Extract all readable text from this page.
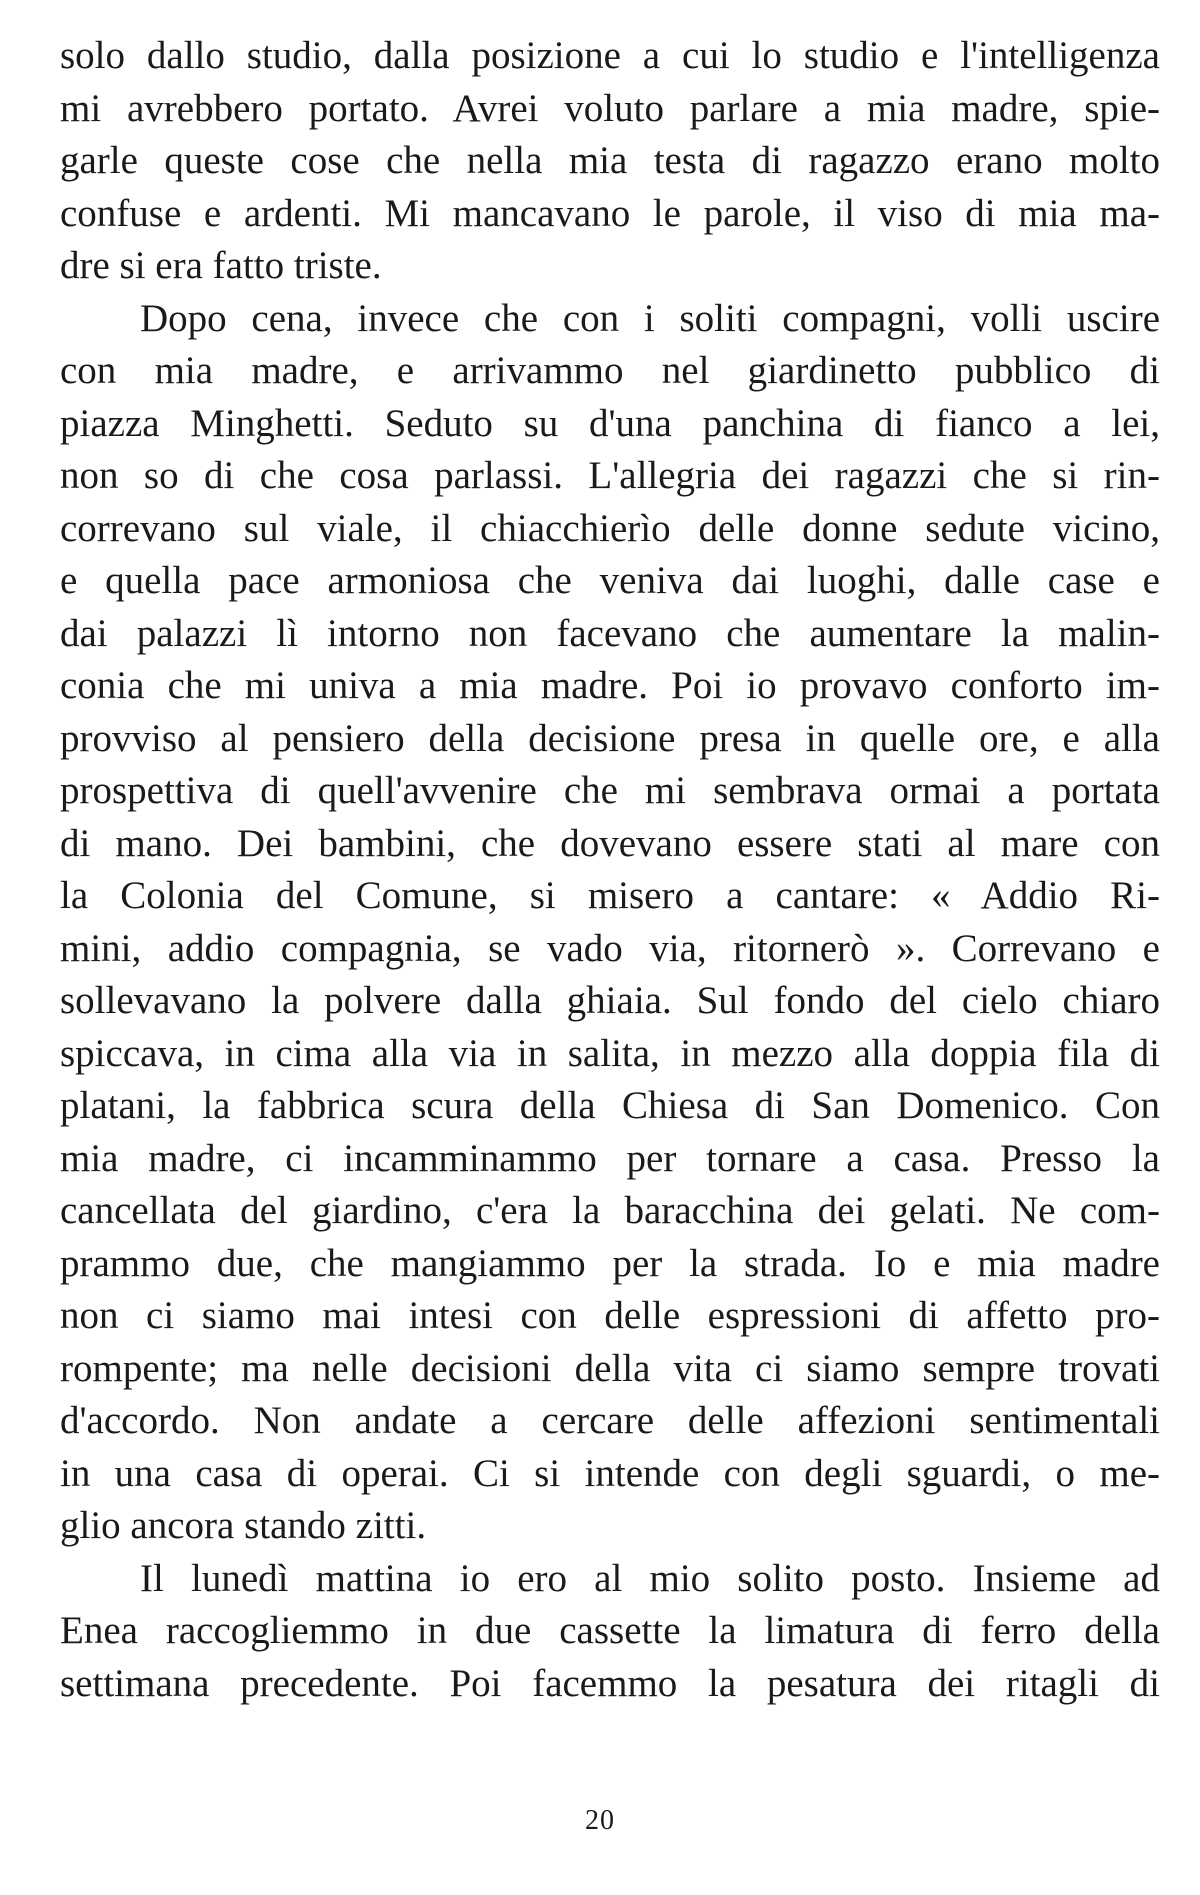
solo dallo studio, dalla posizione a cui lo studio e l'intelligenza
mi avrebbero portato. Avrei voluto parlare a mia madre, spie-
garle queste cose che nella mia testa di ragazzo erano molto
confuse e ardenti. Mi mancavano le parole, il viso di mia ma-
dre si era fatto triste.
Dopo cena, invece che con i soliti compagni, volli uscire
con mia madre, e arrivammo nel giardinetto pubblico di
piazza Minghetti. Seduto su d'una panchina di fianco a lei,
non so di che cosa parlassi. L'allegria dei ragazzi che si rin-
correvano sul viale, il chiacchierìo delle donne sedute vicino,
e quella pace armoniosa che veniva dai luoghi, dalle case e
dai palazzi lì intorno non facevano che aumentare la malin-
conia che mi univa a mia madre. Poi io provavo conforto im-
provviso al pensiero della decisione presa in quelle ore, e alla
prospettiva di quell'avvenire che mi sembrava ormai a portata
di mano. Dei bambini, che dovevano essere stati al mare con
la Colonia del Comune, si misero a cantare: « Addio Ri-
mini, addio compagnia, se vado via, ritornerò ». Correvano e
sollevavano la polvere dalla ghiaia. Sul fondo del cielo chiaro
spiccava, in cima alla via in salita, in mezzo alla doppia fila di
platani, la fabbrica scura della Chiesa di San Domenico. Con
mia madre, ci incamminammo per tornare a casa. Presso la
cancellata del giardino, c'era la baracchina dei gelati. Ne com-
prammo due, che mangiammo per la strada. Io e mia madre
non ci siamo mai intesi con delle espressioni di affetto pro-
rompente; ma nelle decisioni della vita ci siamo sempre trovati
d'accordo. Non andate a cercare delle affezioni sentimentali
in una casa di operai. Ci si intende con degli sguardi, o me-
glio ancora stando zitti.
Il lunedì mattina io ero al mio solito posto. Insieme ad
Enea raccogliemmo in due cassette la limatura di ferro della
settimana precedente. Poi facemmo la pesatura dei ritagli di
20
